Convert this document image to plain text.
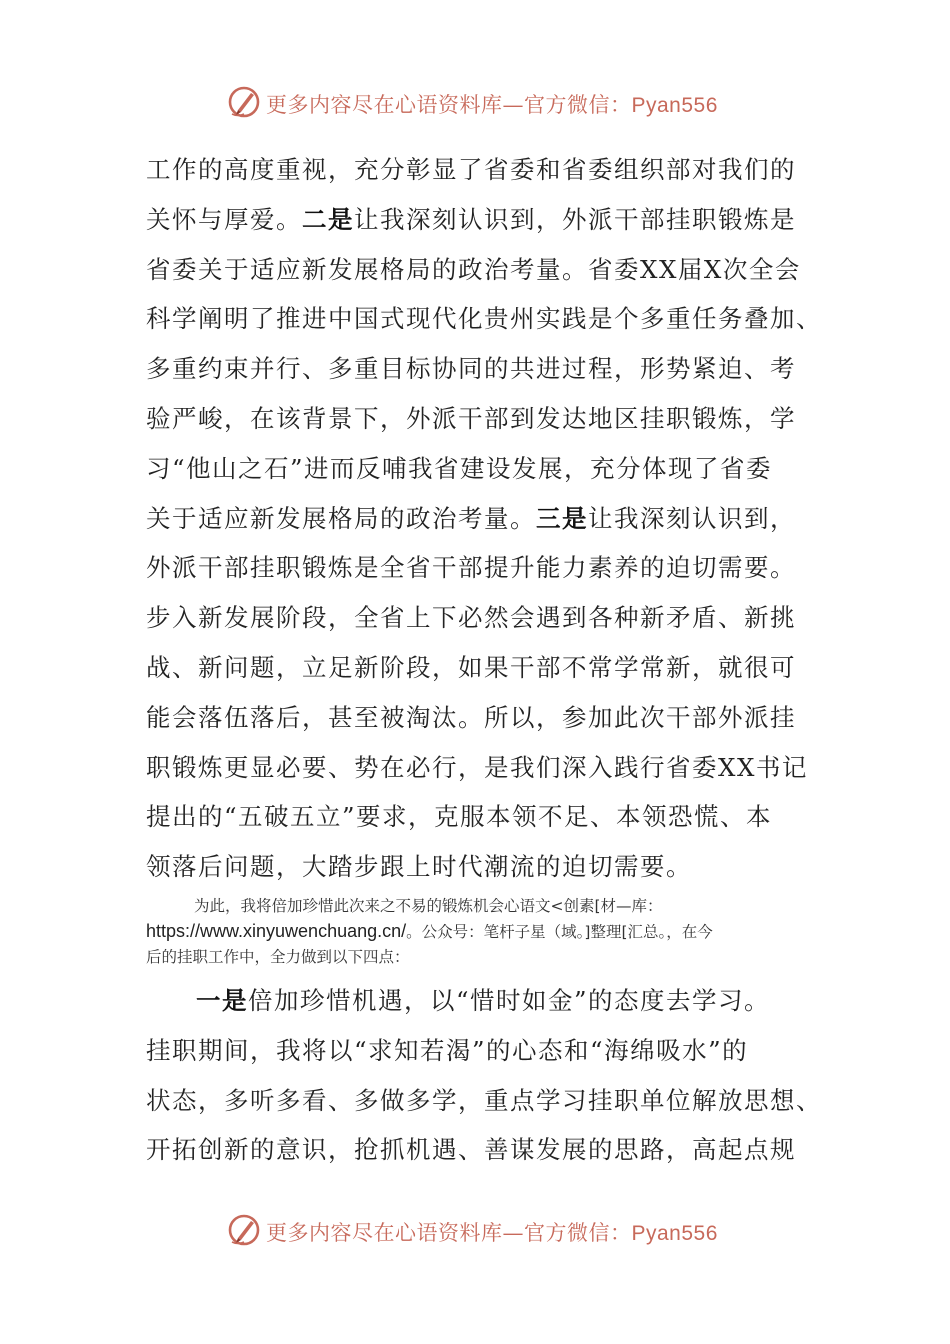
更多内容尽在心语资料库—官方微信：Pyan556
工作的高度重视，充分彰显了省委和省委组织部对我们的
关怀与厚爱。二是让我深刻认识到，外派干部挂职锻炼是
省委关于适应新发展格局的政治考量。省委XX届X次全会
科学阐明了推进中国式现代化贵州实践是个多重任务叠加、
多重约束并行、多重目标协同的共进过程，形势紧迫、考
验严峻，在该背景下，外派干部到发达地区挂职锻炼，学
习“他山之石”进而反哺我省建设发展，充分体现了省委
关于适应新发展格局的政治考量。三是让我深刻认识到，
外派干部挂职锻炼是全省干部提升能力素养的迫切需要。
步入新发展阶段，全省上下必然会遇到各种新矛盾、新挑
战、新问题，立足新阶段，如果干部不常学常新，就很可
能会落伍落后，甚至被淘汰。所以，参加此次干部外派挂
职锻炼更显必要、势在必行，是我们深入践行省委XX书记
提出的“五破五立”要求，克服本领不足、本领恐慌、本
领落后问题，大踏步跟上时代潮流的迫切需要。
为此，我将倍加珍惜此次来之不易的锻炼机会心语文<创素[材—库：
https://www.xinyuwenchuang.cn/。公众号：笔杆子星（域。]整理[汇总。，在今
后的挂职工作中，全力做到以下四点：
一是倍加珍惜机遇，以“惜时如金”的态度去学习。
挂职期间，我将以“求知若渴”的心态和“海绵吸水”的
状态，多听多看、多做多学，重点学习挂职单位解放思想、
开拓创新的意识，抢抓机遇、善谋发展的思路，高起点规
更多内容尽在心语资料库—官方微信：Pyan556
